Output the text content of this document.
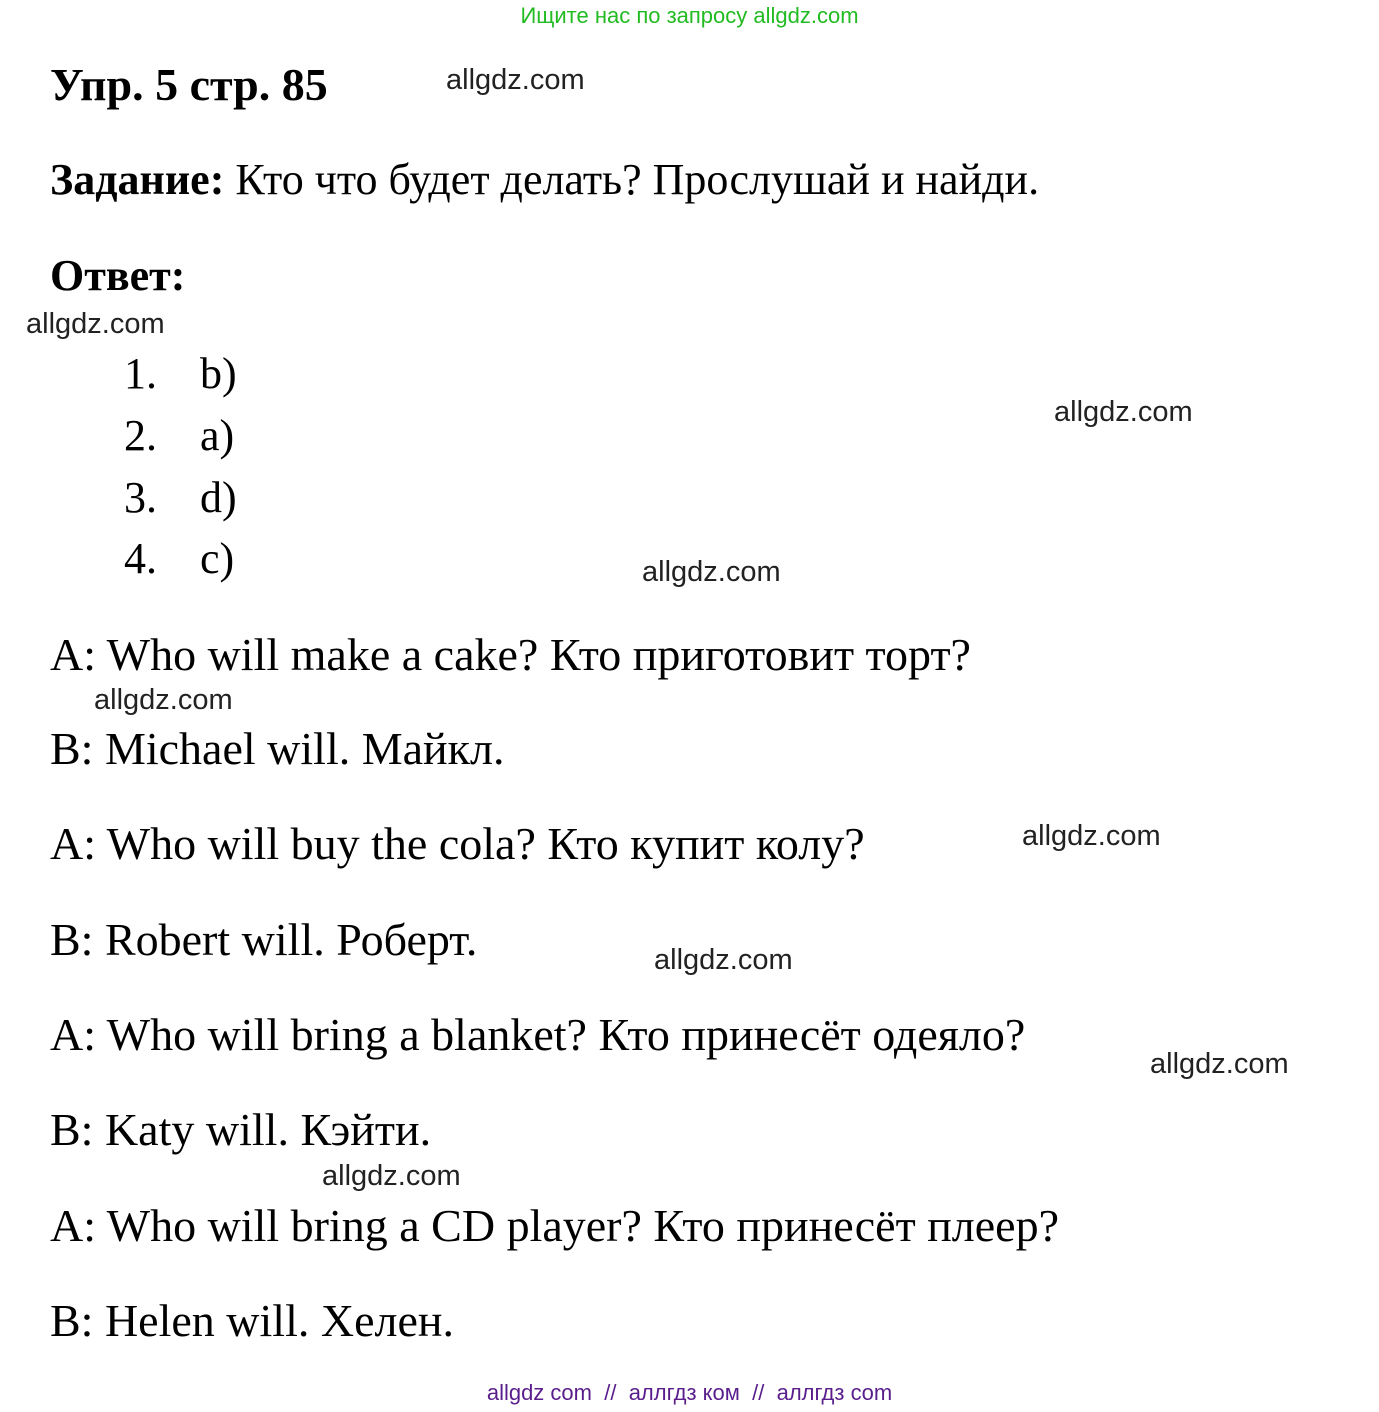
Ищите нас по запросу allgdz.com
Упр. 5 стр. 85
Задание: Кто что будет делать? Прослушай и найди.
Ответ:
1. b)
2. a)
3. d)
4. c)
A: Who will make a cake? Кто приготовит торт?
B: Michael will. Майкл.
A: Who will buy the cola? Кто купит колу?
B: Robert will. Роберт.
A: Who will bring a blanket? Кто принесёт одеяло?
B: Katy will. Кэйти.
A: Who will bring a CD player? Кто принесёт плеер?
B: Helen will. Хелен.
allgdz.com
allgdz.com
allgdz.com
allgdz.com
allgdz.com
allgdz.com
allgdz.com
allgdz.com
allgdz.com
allgdz com // аллгдз ком // аллгдз com
